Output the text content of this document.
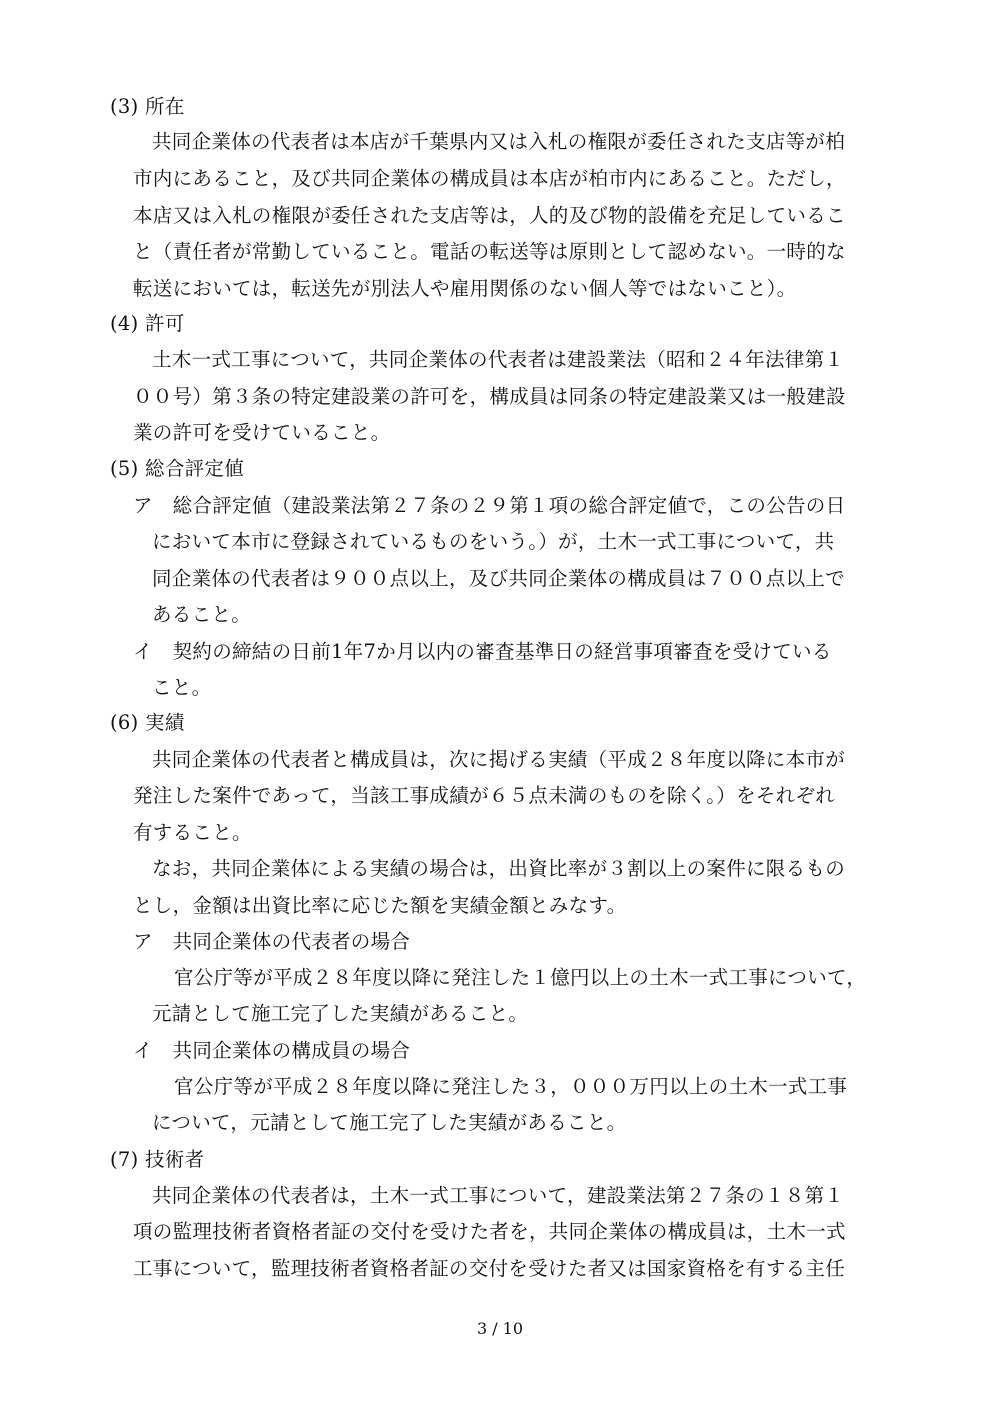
(3) 所在
共同企業体の代表者は本店が千葉県内又は入札の権限が委任された支店等が柏
市内にあること，及び共同企業体の構成員は本店が柏市内にあること。ただし，
本店又は入札の権限が委任された支店等は，人的及び物的設備を充足しているこ
と（責任者が常勤していること。電話の転送等は原則として認めない。一時的な
転送においては，転送先が別法人や雇用関係のない個人等ではないこと）。
(4) 許可
土木一式工事について，共同企業体の代表者は建設業法（昭和２４年法律第１
００号）第３条の特定建設業の許可を，構成員は同条の特定建設業又は一般建設
業の許可を受けていること。
(5) 総合評定値
ア　総合評定値（建設業法第２７条の２９第１項の総合評定値で，この公告の日
において本市に登録されているものをいう。）が，土木一式工事について，共
同企業体の代表者は９００点以上，及び共同企業体の構成員は７００点以上で
あること。
イ　契約の締結の日前1年7か月以内の審査基準日の経営事項審査を受けている
こと。
(6) 実績
共同企業体の代表者と構成員は，次に掲げる実績（平成２８年度以降に本市が
発注した案件であって，当該工事成績が６５点未満のものを除く。）をそれぞれ
有すること。
なお，共同企業体による実績の場合は，出資比率が３割以上の案件に限るもの
とし，金額は出資比率に応じた額を実績金額とみなす。
ア　共同企業体の代表者の場合
官公庁等が平成２８年度以降に発注した１億円以上の土木一式工事について，
元請として施工完了した実績があること。
イ　共同企業体の構成員の場合
官公庁等が平成２８年度以降に発注した３，０００万円以上の土木一式工事
について，元請として施工完了した実績があること。
(7) 技術者
共同企業体の代表者は，土木一式工事について，建設業法第２７条の１８第１
項の監理技術者資格者証の交付を受けた者を，共同企業体の構成員は，土木一式
工事について，監理技術者資格者証の交付を受けた者又は国家資格を有する主任
3 / 10
